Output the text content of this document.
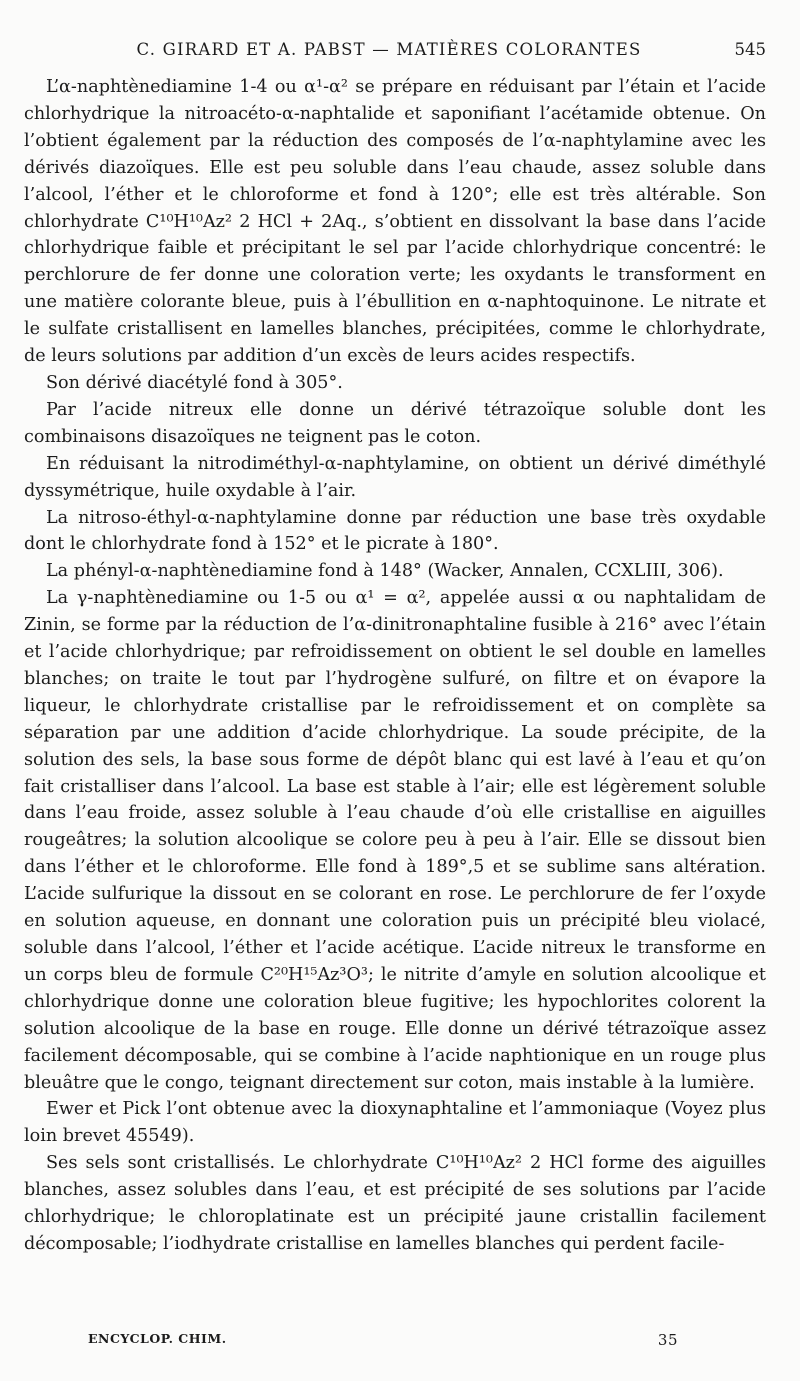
C. GIRARD ET A. PABST — MATIÈRES COLORANTES	545

L’α-naphtènediamine 1-4 ou α¹-α² se prépare en réduisant par l’étain et l’acide chlorhydrique la nitroacéto-α-naphtalide et saponifiant l’acétamide obtenue. On l’obtient également par la réduction des composés de l’α-naphtylamine avec les dérivés diazoïques. Elle est peu soluble dans l’eau chaude, assez soluble dans l’alcool, l’éther et le chloroforme et fond à 120°; elle est très altérable. Son chlorhydrate C¹⁰H¹⁰Az² 2 HCl + 2Aq., s’obtient en dissolvant la base dans l’acide chlorhydrique faible et précipitant le sel par l’acide chlorhydrique concentré: le perchlorure de fer donne une coloration verte; les oxydants le transforment en une matière colorante bleue, puis à l’ébullition en α-naphtoquinone. Le nitrate et le sulfate cristallisent en lamelles blanches, précipitées, comme le chlorhydrate, de leurs solutions par addition d’un excès de leurs acides respectifs.

Son dérivé diacétylé fond à 305°.

Par l’acide nitreux elle donne un dérivé tétrazoïque soluble dont les combinaisons disazoïques ne teignent pas le coton.

En réduisant la nitrodiméthyl-α-naphtylamine, on obtient un dérivé diméthylé dyssymétrique, huile oxydable à l’air.

La nitroso-éthyl-α-naphtylamine donne par réduction une base très oxydable dont le chlorhydrate fond à 152° et le picrate à 180°.

La phényl-α-naphtènediamine fond à 148° (Wacker, Annalen, CCXLIII, 306).

La γ-naphtènediamine ou 1-5 ou α¹ = α², appelée aussi α ou naphtalidam de Zinin, se forme par la réduction de l’α-dinitronaphtaline fusible à 216° avec l’étain et l’acide chlorhydrique; par refroidissement on obtient le sel double en lamelles blanches; on traite le tout par l’hydrogène sulfuré, on filtre et on évapore la liqueur, le chlorhydrate cristallise par le refroidissement et on complète sa séparation par une addition d’acide chlorhydrique. La soude précipite, de la solution des sels, la base sous forme de dépôt blanc qui est lavé à l’eau et qu’on fait cristalliser dans l’alcool. La base est stable à l’air; elle est légèrement soluble dans l’eau froide, assez soluble à l’eau chaude d’où elle cristallise en aiguilles rougeâtres; la solution alcoolique se colore peu à peu à l’air. Elle se dissout bien dans l’éther et le chloroforme. Elle fond à 189°,5 et se sublime sans altération. L’acide sulfurique la dissout en se colorant en rose. Le perchlorure de fer l’oxyde en solution aqueuse, en donnant une coloration puis un précipité bleu violacé, soluble dans l’alcool, l’éther et l’acide acétique. L’acide nitreux le transforme en un corps bleu de formule C²⁰H¹⁵Az³O³; le nitrite d’amyle en solution alcoolique et chlorhydrique donne une coloration bleue fugitive; les hypochlorites colorent la solution alcoolique de la base en rouge. Elle donne un dérivé tétrazoïque assez facilement décomposable, qui se combine à l’acide naphtionique en un rouge plus bleuâtre que le congo, teignant directement sur coton, mais instable à la lumière.

Ewer et Pick l’ont obtenue avec la dioxynaphtaline et l’ammoniaque (Voyez plus loin brevet 45549).

Ses sels sont cristallisés. Le chlorhydrate C¹⁰H¹⁰Az² 2 HCl forme des aiguilles blanches, assez solubles dans l’eau, et est précipité de ses solutions par l’acide chlorhydrique; le chloroplatinate est un précipité jaune cristallin facilement décomposable; l’iodhydrate cristallise en lamelles blanches qui perdent facile-

ENCYCLOP. CHIM.	35
